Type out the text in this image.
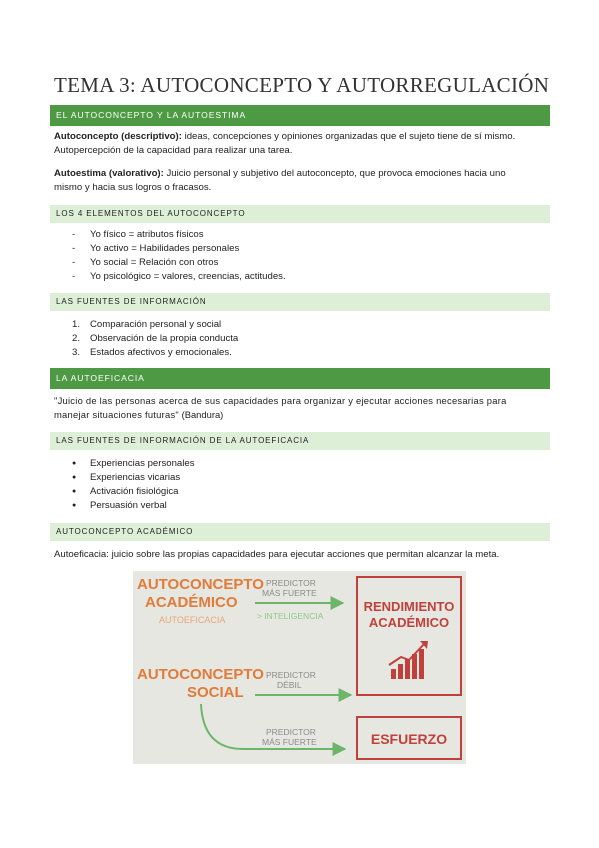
TEMA 3: AUTOCONCEPTO Y AUTORREGULACIÓN
EL AUTOCONCEPTO Y LA AUTOESTIMA
Autoconcepto (descriptivo): ideas, concepciones y opiniones organizadas que el sujeto tiene de sí mismo.
Autopercepción de la capacidad para realizar una tarea.
Autoestima (valorativo): Juicio personal y subjetivo del autoconcepto, que provoca emociones hacia uno
mismo y hacia sus logros o fracasos.
LOS 4 ELEMENTOS DEL AUTOCONCEPTO
-	Yo físico = atributos físicos
-	Yo activo = Habilidades personales
-	Yo social = Relación con otros
-	Yo psicológico = valores, creencias, actitudes.
LAS FUENTES DE INFORMACIÓN
1.	Comparación personal y social
2.	Observación de la propia conducta
3.	Estados afectivos y emocionales.
LA AUTOEFICACIA
"Juicio de las personas acerca de sus capacidades para organizar y ejecutar acciones necesarias para
manejar situaciones futuras" (Bandura)
LAS FUENTES DE INFORMACIÓN DE LA AUTOEFICACIA
●	Experiencias personales
●	Experiencias vicarias
●	Activación fisiológica
●	Persuasión verbal
AUTOCONCEPTO ACADÉMICO
Autoeficacia: juicio sobre las propias capacidades para ejecutar acciones que permitan alcanzar la meta.
AUTOCONCEPTO
ACADÉMICO
AUTOEFICACIA
PREDICTOR
MÁS FUERTE
> INTELIGENCIA
RENDIMIENTO
ACADÉMICO
AUTOCONCEPTO
SOCIAL
PREDICTOR
DÉBIL
PREDICTOR
MÁS FUERTE	ESFUERZO
